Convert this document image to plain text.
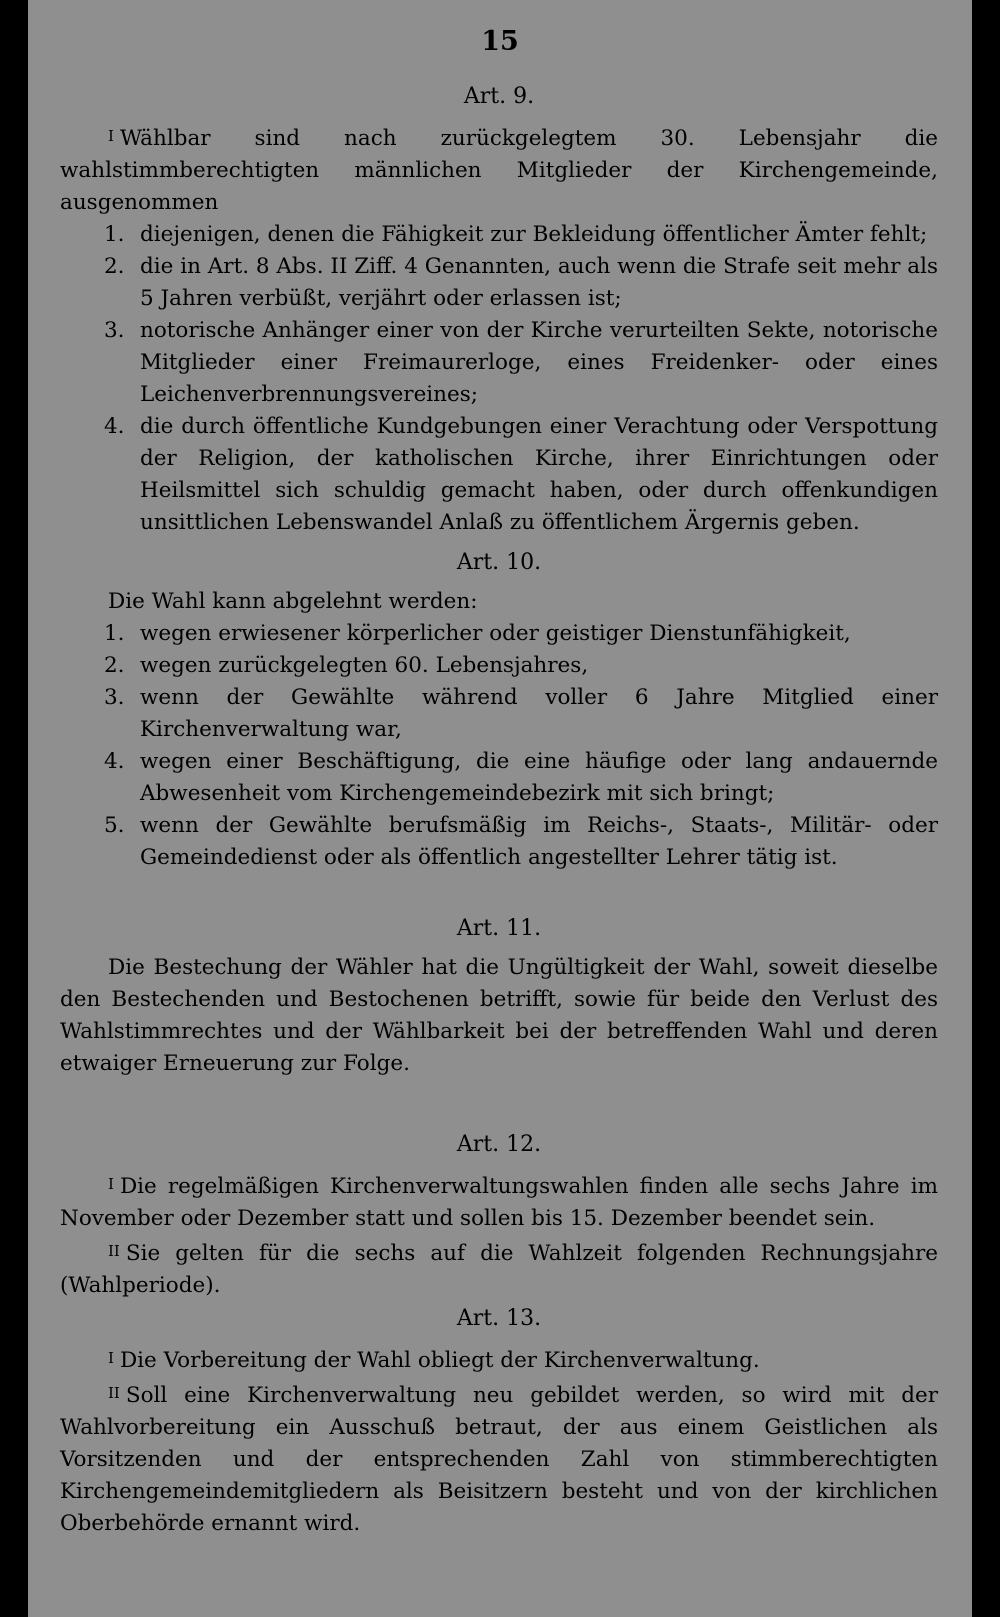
15
Art. 9.

I Wählbar sind nach zurückgelegtem 30. Lebensjahr die wahlstimmberechtigten männlichen Mitglieder der Kirchengemeinde, ausgenommen

1. diejenigen, denen die Fähigkeit zur Bekleidung öffentlicher Ämter fehlt;
2. die in Art. 8 Abs. II Ziff. 4 Genannten, auch wenn die Strafe seit mehr als 5 Jahren verbüßt, verjährt oder erlassen ist;
3. notorische Anhänger einer von der Kirche verurteilten Sekte, notorische Mitglieder einer Freimaurerloge, eines Freidenker- oder eines Leichenverbrennungsvereines;
4. die durch öffentliche Kundgebungen einer Verachtung oder Verspottung der Religion, der katholischen Kirche, ihrer Einrichtungen oder Heilsmittel sich schuldig gemacht haben, oder durch offenkundigen unsittlichen Lebenswandel Anlaß zu öffentlichem Ärgernis geben.
Art. 10.

Die Wahl kann abgelehnt werden:

1. wegen erwiesener körperlicher oder geistiger Dienstunfähigkeit,
2. wegen zurückgelegten 60. Lebensjahres,
3. wenn der Gewählte während voller 6 Jahre Mitglied einer Kirchenverwaltung war,
4. wegen einer Beschäftigung, die eine häufige oder lang andauernde Abwesenheit vom Kirchengemeindebezirk mit sich bringt;
5. wenn der Gewählte berufsmäßig im Reichs-, Staats-, Militär- oder Gemeindedienst oder als öffentlich angestellter Lehrer tätig ist.
Art. 11.

Die Bestechung der Wähler hat die Ungültigkeit der Wahl, soweit dieselbe den Bestechenden und Bestochenen betrifft, sowie für beide den Verlust des Wahlstimmrechtes und der Wählbarkeit bei der betreffenden Wahl und deren etwaiger Erneuerung zur Folge.

Art. 12.

I Die regelmäßigen Kirchenverwaltungswahlen finden alle sechs Jahre im November oder Dezember statt und sollen bis 15. Dezember beendet sein.

II Sie gelten für die sechs auf die Wahlzeit folgenden Rechnungsjahre (Wahlperiode).

Art. 13.

I Die Vorbereitung der Wahl obliegt der Kirchenverwaltung.

II Soll eine Kirchenverwaltung neu gebildet werden, so wird mit der Wahlvorbereitung ein Ausschuß betraut, der aus einem Geistlichen als Vorsitzenden und der entsprechenden Zahl von stimmberechtigten Kirchengemeindemitgliedern als Beisitzern besteht und von der kirchlichen Oberbehörde ernannt wird.
